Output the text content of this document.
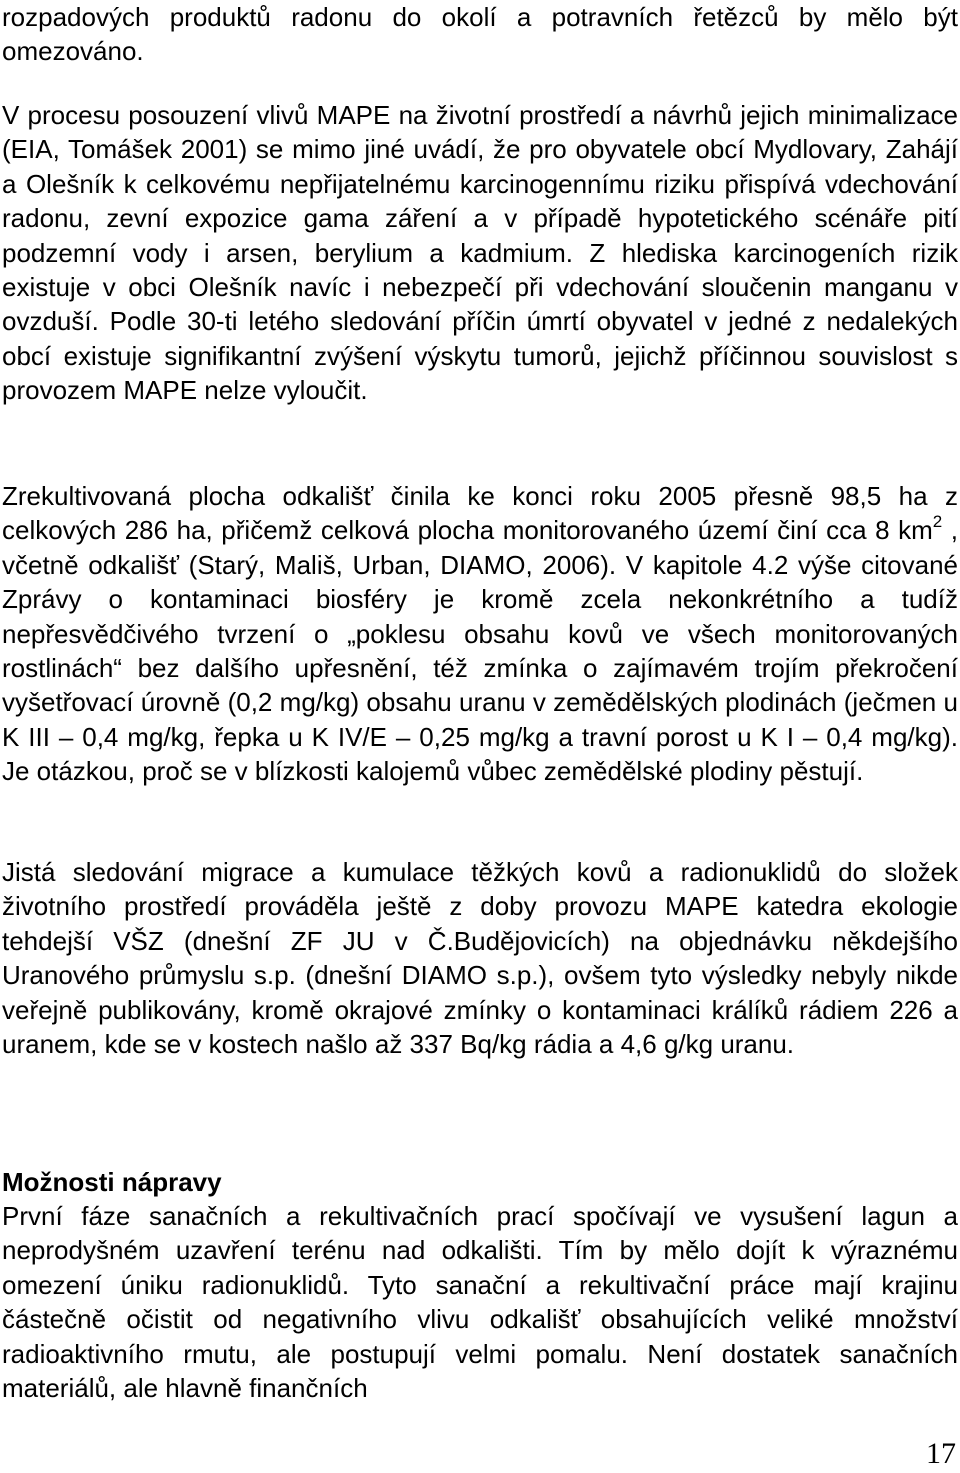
rozpadových produktů radonu do okolí a potravních řetězců by mělo být omezováno.

V procesu posouzení vlivů MAPE na životní prostředí a návrhů jejich minimalizace (EIA, Tomášek 2001) se mimo jiné uvádí, že pro obyvatele obcí Mydlovary, Zahájí a Olešník k celkovému nepřijatelnému karcinogennímu riziku přispívá vdechování radonu, zevní expozice gama záření a v případě hypotetického scénáře pití podzemní vody i arsen, berylium a kadmium. Z hlediska karcinogeních rizik existuje v obci Olešník navíc i nebezpečí při vdechování sloučenin manganu v ovzduší. Podle 30-ti letého sledování příčin úmrtí obyvatel v jedné z nedalekých obcí existuje signifikantní zvýšení výskytu tumorů, jejichž příčinnou souvislost s provozem MAPE nelze vyloučit.

Zrekultivovaná plocha odkališť činila ke konci roku 2005 přesně 98,5 ha z celkových 286 ha, přičemž celková plocha monitorovaného území činí cca 8 $km^2$ , včetně odkališť (Starý, Mališ, Urban, DIAMO, 2006). V kapitole 4.2 výše citované Zprávy o kontaminaci biosféry je kromě zcela nekonkrétního a tudíž nepřesvědčivého tvrzení o „poklesu obsahu kovů ve všech monitorovaných rostlinách“ bez dalšího upřesnění, též zmínka o zajímavém trojím překročení vyšetřovací úrovně (0,2 mg/kg) obsahu uranu v zemědělských plodinách (ječmen u K III – 0,4 mg/kg, řepka u K IV/E – 0,25 mg/kg a travní porost u K I – 0,4 mg/kg). Je otázkou, proč se v blízkosti kalojemů vůbec zemědělské plodiny pěstují.

Jistá sledování migrace a kumulace těžkých kovů a radionuklidů do složek životního prostředí prováděla ještě z doby provozu MAPE katedra ekologie tehdejší VŠZ (dnešní ZF JU v Č.Budějovicích) na objednávku někdejšího Uranového průmyslu s.p. (dnešní DIAMO s.p.), ovšem tyto výsledky nebyly nikde veřejně publikovány, kromě okrajové zmínky o kontaminaci králíků rádiem 226 a uranem, kde se v kostech našlo až 337 Bq/kg rádia a 4,6 g/kg uranu.

Možnosti nápravy

První fáze sanačních a rekultivačních prací spočívají ve vysušení lagun a neprodyšném uzavření terénu nad odkališti. Tím by mělo dojít k výraznému omezení úniku radionuklidů. Tyto sanační a rekultivační práce mají krajinu částečně očistit od negativního vlivu odkališť obsahujících veliké množství radioaktivního rmutu, ale postupují velmi pomalu. Není dostatek sanačních materiálů, ale hlavně finančních

17
